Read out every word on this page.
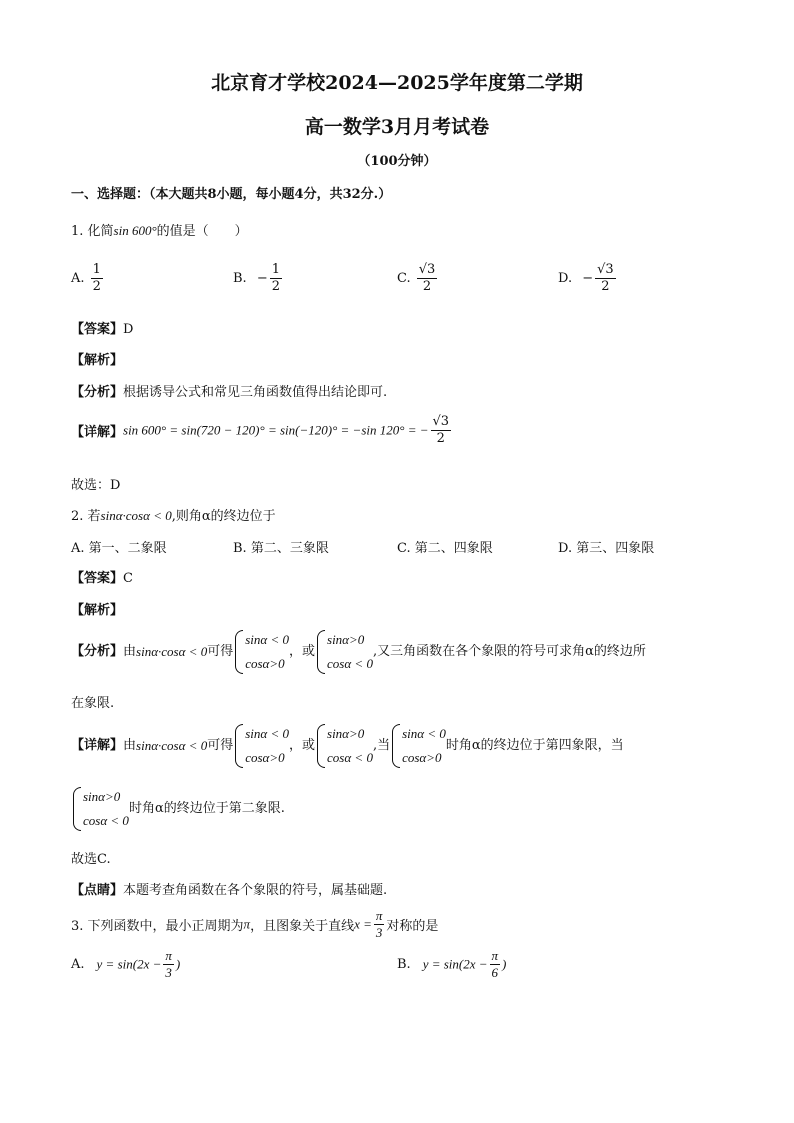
北京育才学校2024—2025学年度第二学期
高一数学3月月考试卷
（100分钟）
一、选择题：（本大题共8小题，每小题4分，共32分.）
1. 化简sin 600°的值是（　　）
A. $\frac{1}{2}$	B. − $\frac{1}{2}$	C. $\frac{√3}{2}$	D. − $\frac{√3}{2}$
【答案】D
【解析】
【分析】根据诱导公式和常见三角函数值得出结论即可.
【详解】sin 600° = sin(720 − 120)° = sin(−120)° = −sin 120° = − $\frac{√3}{2}$
故选：D
2. 若sinα·cosα < 0,则角α的终边位于
A. 第一、二象限	B. 第二、三象限	C. 第二、四象限	D. 第三、四象限
【答案】C
【解析】
【分析】由sinα·cosα < 0可得
sinα < 0
cosα>0
，或
sinα>0
cosα < 0
,又三角函数在各个象限的符号可求角α的终边所
在象限.
【详解】由sinα·cosα < 0可得
sinα < 0
cosα>0
，或
sinα>0
cosα < 0
,当
sinα < 0
cosα>0
时角α的终边位于第四象限，当
sinα>0
cosα < 0
时角α的终边位于第二象限.
故选C.
【点睛】本题考查角函数在各个象限的符号，属基础题.
3. 下列函数中，最小正周期为π，且图象关于直线$x = \frac{\pi}{3}$ 对称的是
A. $y = \sin(2x - \frac{\pi}{3}$ )	B. $y = \sin(2x - \frac{\pi}{6}$ )
